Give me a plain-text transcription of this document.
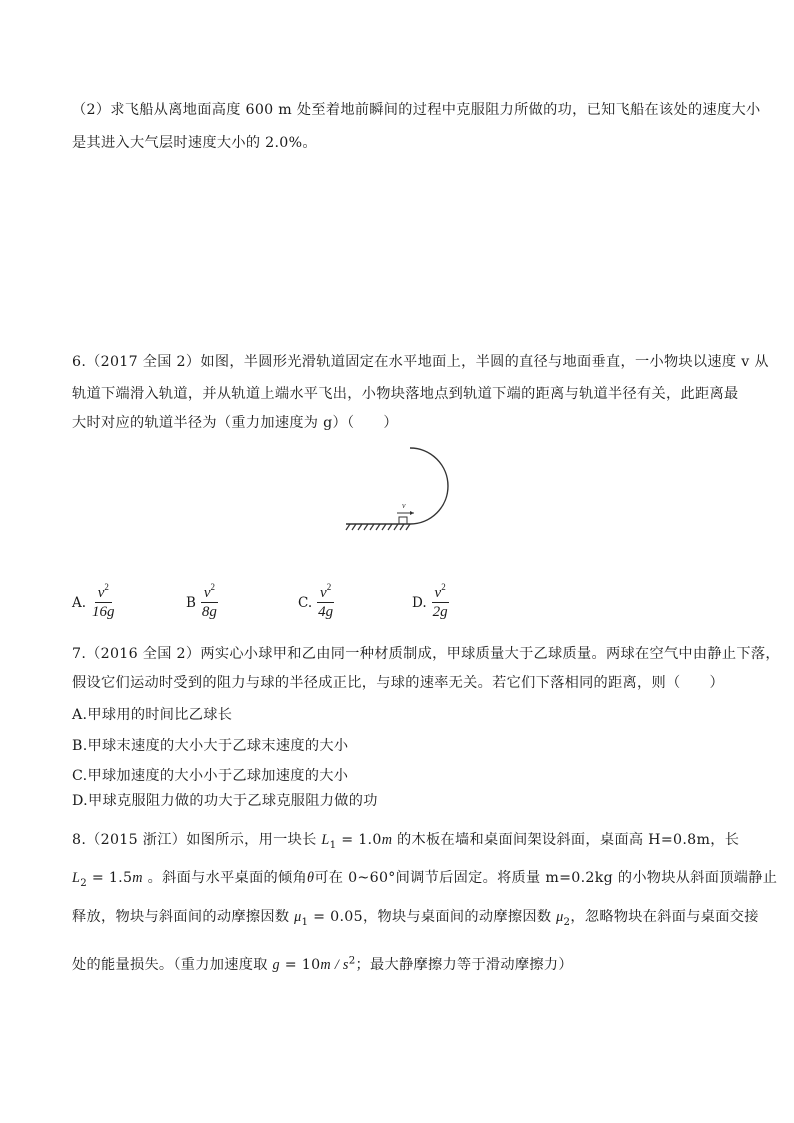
（2）求飞船从离地面高度 600 m 处至着地前瞬间的过程中克服阻力所做的功，已知飞船在该处的速度大小
是其进入大气层时速度大小的 2.0%。
6.（2017 全国 2）如图，半圆形光滑轨道固定在水平地面上，半圆的直径与地面垂直，一小物块以速度 v 从
轨道下端滑入轨道，并从轨道上端水平飞出，小物块落地点到轨道下端的距离与轨道半径有关，此距离最
大时对应的轨道半径为（重力加速度为 g）（　　）
v
A. $\frac{v^2}{16g}$	B $\frac{v^2}{8g}$	C. $\frac{v^2}{4g}$	D. $\frac{v^2}{2g}$
7.（2016 全国 2）两实心小球甲和乙由同一种材质制成，甲球质量大于乙球质量。两球在空气中由静止下落，
假设它们运动时受到的阻力与球的半径成正比，与球的速率无关。若它们下落相同的距离，则（　　）
A.甲球用的时间比乙球长
B.甲球末速度的大小大于乙球末速度的大小
C.甲球加速度的大小小于乙球加速度的大小
D.甲球克服阻力做的功大于乙球克服阻力做的功
8.（2015 浙江）如图所示，用一块长 $L_1 = 1.0m$ 的木板在墙和桌面间架设斜面，桌面高 H=0.8m，长
$L_2 = 1.5m$ 。斜面与水平桌面的倾角θ可在 0~60°间调节后固定。将质量 m=0.2kg 的小物块从斜面顶端静止
释放，物块与斜面间的动摩擦因数 $\mu_1 = 0.05$，物块与桌面间的动摩擦因数 $\mu_2$，忽略物块在斜面与桌面交接
处的能量损失。（重力加速度取 $g = 10m / s^2$；最大静摩擦力等于滑动摩擦力）
